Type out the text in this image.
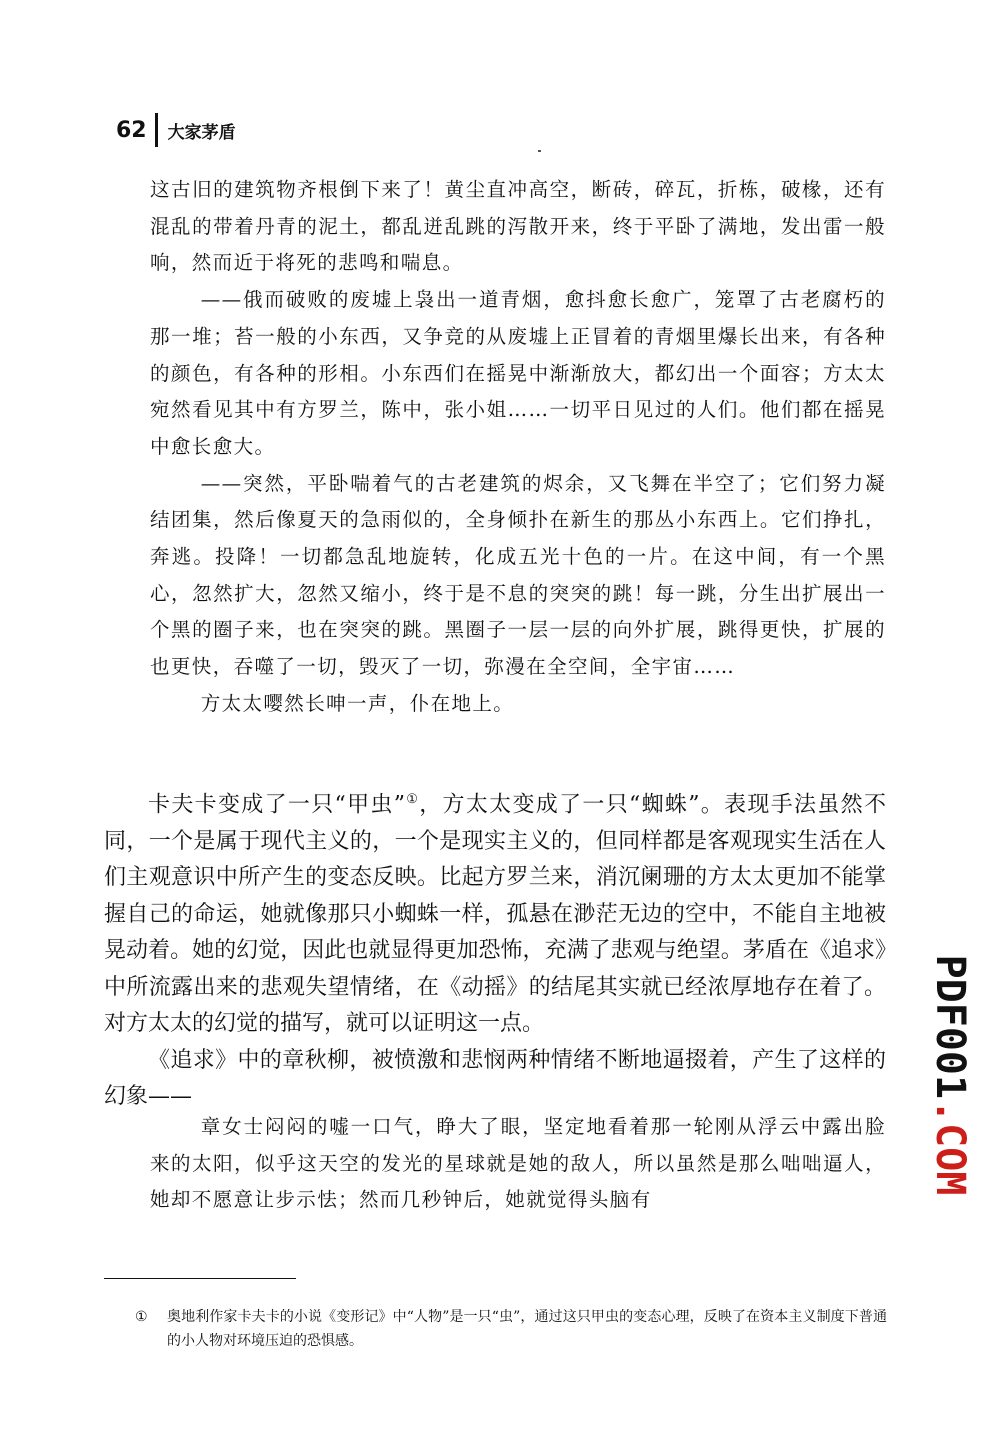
62 大家茅盾

这古旧的建筑物齐根倒下来了！黄尘直冲高空，断砖，碎瓦，折栋，破椽，还有混乱的带着丹青的泥土，都乱迸乱跳的泻散开来，终于平卧了满地，发出雷一般响，然而近于将死的悲鸣和喘息。

——俄而破败的废墟上袅出一道青烟，愈抖愈长愈广，笼罩了古老腐朽的那一堆；苔一般的小东西，又争竞的从废墟上正冒着的青烟里爆长出来，有各种的颜色，有各种的形相。小东西们在摇晃中渐渐放大，都幻出一个面容；方太太宛然看见其中有方罗兰，陈中，张小姐……一切平日见过的人们。他们都在摇晃中愈长愈大。

——突然，平卧喘着气的古老建筑的烬余，又飞舞在半空了；它们努力凝结团集，然后像夏天的急雨似的，全身倾扑在新生的那丛小东西上。它们挣扎，奔逃。投降！一切都急乱地旋转，化成五光十色的一片。在这中间，有一个黑心，忽然扩大，忽然又缩小，终于是不息的突突的跳！每一跳，分生出扩展出一个黑的圈子来，也在突突的跳。黑圈子一层一层的向外扩展，跳得更快，扩展的也更快，吞噬了一切，毁灭了一切，弥漫在全空间，全宇宙……

方太太嘤然长呻一声，仆在地上。

卡夫卡变成了一只“甲虫”①，方太太变成了一只“蜘蛛”。表现手法虽然不同，一个是属于现代主义的，一个是现实主义的，但同样都是客观现实生活在人们主观意识中所产生的变态反映。比起方罗兰来，消沉阑珊的方太太更加不能掌握自己的命运，她就像那只小蜘蛛一样，孤悬在渺茫无边的空中，不能自主地被晃动着。她的幻觉，因此也就显得更加恐怖，充满了悲观与绝望。茅盾在《追求》中所流露出来的悲观失望情绪，在《动摇》的结尾其实就已经浓厚地存在着了。对方太太的幻觉的描写，就可以证明这一点。

《追求》中的章秋柳，被愤激和悲悯两种情绪不断地逼掇着，产生了这样的幻象——

章女士闷闷的嘘一口气，睁大了眼，坚定地看着那一轮刚从浮云中露出脸来的太阳，似乎这天空的发光的星球就是她的敌人，所以虽然是那么咄咄逼人，她却不愿意让步示怯；然而几秒钟后，她就觉得头脑有

①	奥地利作家卡夫卡的小说《变形记》中“人物”是一只“虫”，通过这只甲虫的变态心理，反映了在资本主义制度下普通的小人物对环境压迫的恐惧感。
PDF001.COM
